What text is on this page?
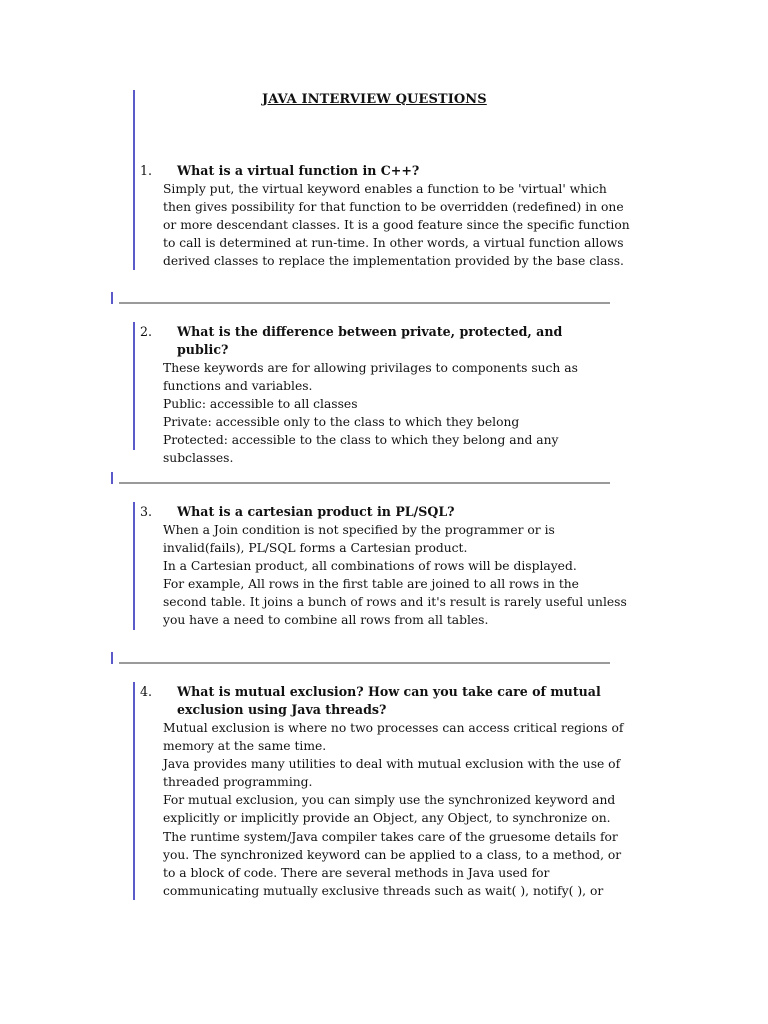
JAVA INTERVIEW QUESTIONS
1. What is a virtual function in C++?
Simply put, the virtual keyword enables a function to be 'virtual' which
then gives possibility for that function to be overridden (redefined) in one
or more descendant classes. It is a good feature since the specific function
to call is determined at run-time. In other words, a virtual function allows
derived classes to replace the implementation provided by the base class.
2. What is the difference between private, protected, and public?
These keywords are for allowing privilages to components such as
functions and variables.
Public: accessible to all classes
Private: accessible only to the class to which they belong
Protected: accessible to the class to which they belong and any
subclasses.
3. What is a cartesian product in PL/SQL?
When a Join condition is not specified by the programmer or is
invalid(fails), PL/SQL forms a Cartesian product.
In a Cartesian product, all combinations of rows will be displayed.
For example, All rows in the first table are joined to all rows in the
second table. It joins a bunch of rows and it's result is rarely useful unless
you have a need to combine all rows from all tables.
4. What is mutual exclusion? How can you take care of mutual
exclusion using Java threads?
Mutual exclusion is where no two processes can access critical regions of
memory at the same time.
Java provides many utilities to deal with mutual exclusion with the use of
threaded programming.
For mutual exclusion, you can simply use the synchronized keyword and
explicitly or implicitly provide an Object, any Object, to synchronize on.
The runtime system/Java compiler takes care of the gruesome details for
you. The synchronized keyword can be applied to a class, to a method, or
to a block of code. There are several methods in Java used for
communicating mutually exclusive threads such as wait( ), notify( ), or
